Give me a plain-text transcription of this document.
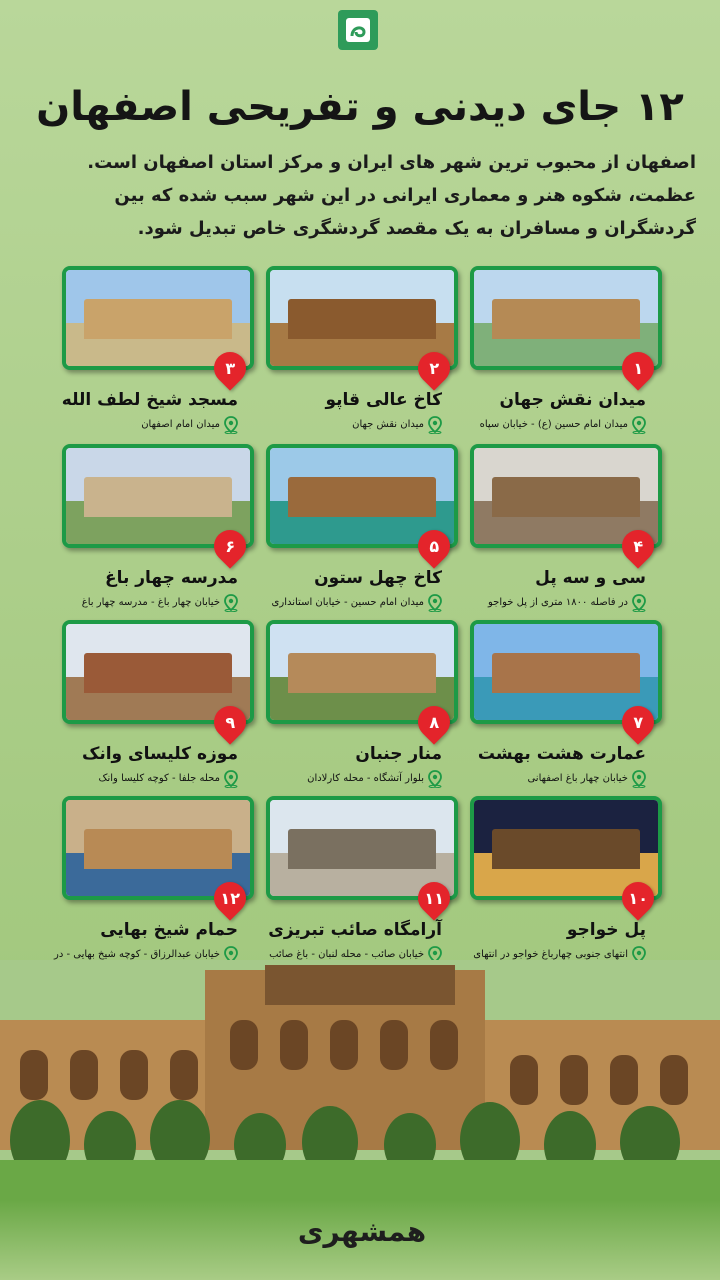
۱۲ جای دیدنی و تفریحی اصفهان
اصفهان از محبوب ترین شهر های ایران و مرکز استان اصفهان است. عظمت، شکوه هنر و معماری ایرانی در این شهر سبب شده که بین گردشگران و مسافران به یک مقصد گردشگری خاص تبدیل شود.
۱
میدان نقش جهان
میدان امام حسین (ع) - خیابان سپاه
۲
کاخ عالی قاپو
میدان نقش جهان
۳
مسجد شیخ لطف الله
میدان امام اصفهان
۴
سی و سه پل
در فاصله ۱۸۰۰ متری از پل خواجو
۵
کاخ چهل ستون
میدان امام حسین - خیابان استانداری
۶
مدرسه چهار باغ
خیابان چهار باغ - مدرسه چهار باغ
۷
عمارت هشت بهشت
خیابان چهار باغ اصفهانی
۸
منار جنبان
بلوار آتشگاه - محله کارلادان
۹
موزه کلیسای وانک
محله جلفا - کوچه کلیسا وانک
۱۰
پل خواجو
انتهای جنوبی چهارباغ خواجو در انتهای
۱۱
آرامگاه صائب تبریزی
خیابان صائب - محله لنبان - باغ صائب
۱۲
حمام شیخ بهایی
خیابان عبدالرزاق - کوچه شیخ بهایی - در
همشهری
